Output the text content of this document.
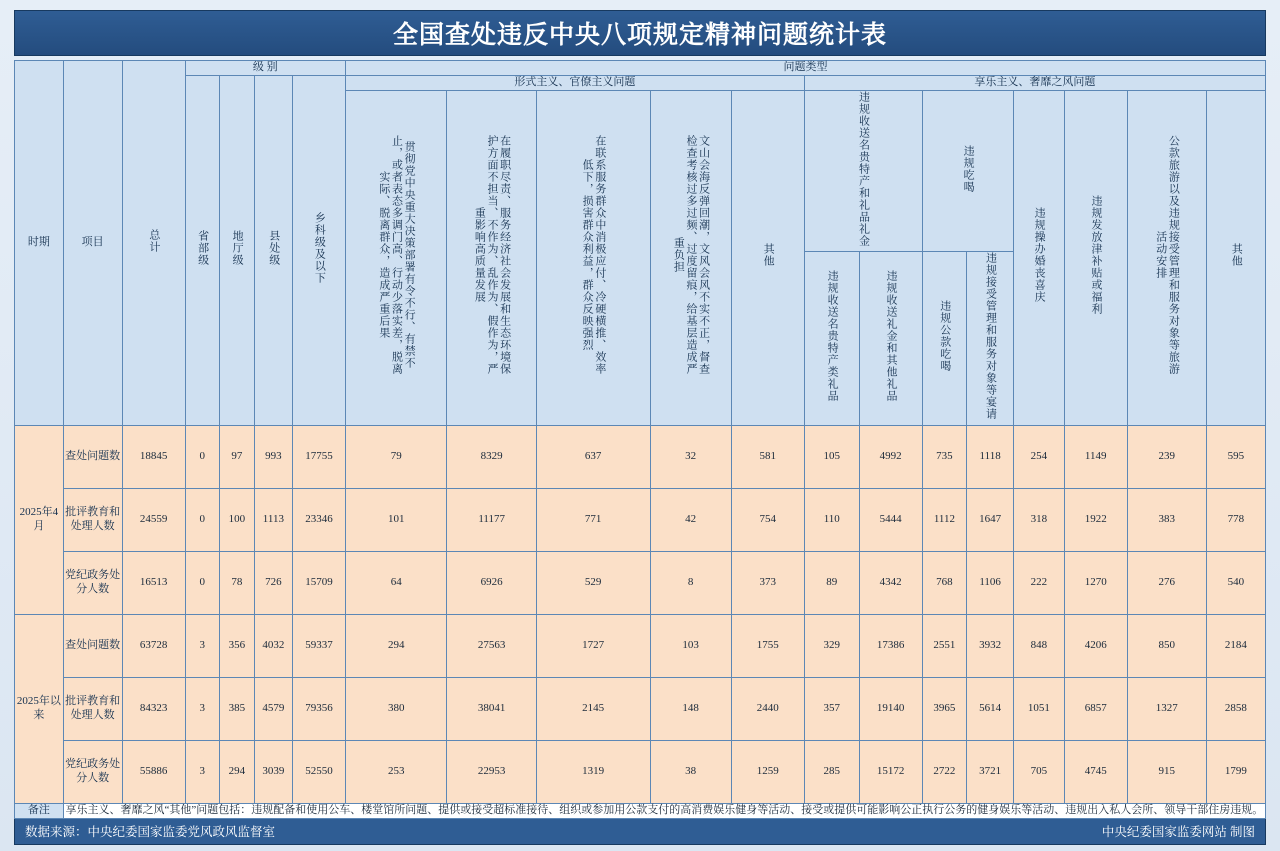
全国查处违反中央八项规定精神问题统计表
时期	项目	总计	级 别				问题类型												
			省部级	地厅级	县处级	乡科级及以下	形式主义、官僚主义问题					享乐主义、奢靡之风问题							
							贯彻党中央重大决策部署有令不行、有禁不止，或者表态多调门高、行动少落实差，脱离实际、脱离群众，造成严重后果	在履职尽责、服务经济社会发展和生态环境保护方面不担当、不作为、乱作为、假作为，严重影响高质量发展	在联系服务群众中消极应付、冷硬横推、效率低下，损害群众利益，群众反映强烈	文山会海反弹回潮，文风会风不实不正，督查检查考核过多过频、过度留痕，给基层造成严重负担	其他	违规收送名贵特产和礼品礼金		违规吃喝		违规操办婚丧喜庆	违规发放津补贴或福利	公款旅游以及违规接受管理和服务对象等旅游活动安排	其他
												违规收送名贵特产类礼品	违规收送礼金和其他礼品	违规公款吃喝	违规接受管理和服务对象等宴请				
2025年4月	查处问题数	18845	0	97	993	17755	79	8329	637	32	581	105	4992	735	1118	254	1149	239	595
	批评教育和处理人数	24559	0	100	1113	23346	101	11177	771	42	754	110	5444	1112	1647	318	1922	383	778
	党纪政务处分人数	16513	0	78	726	15709	64	6926	529	8	373	89	4342	768	1106	222	1270	276	540
2025年以来	查处问题数	63728	3	356	4032	59337	294	27563	1727	103	1755	329	17386	2551	3932	848	4206	850	2184
	批评教育和处理人数	84323	3	385	4579	79356	380	38041	2145	148	2440	357	19140	3965	5614	1051	6857	1327	2858
	党纪政务处分人数	55886	3	294	3039	52550	253	22953	1319	38	1259	285	15172	2722	3721	705	4745	915	1799
备注	享乐主义、奢靡之风“其他”问题包括：违规配备和使用公车、楼堂馆所问题、提供或接受超标准接待、组织或参加用公款支付的高消费娱乐健身等活动、接受或提供可能影响公正执行公务的健身娱乐等活动、违规出入私人会所、领导干部住房违规。																		
数据来源：中央纪委国家监委党风政风监督室	中央纪委国家监委网站 制图
